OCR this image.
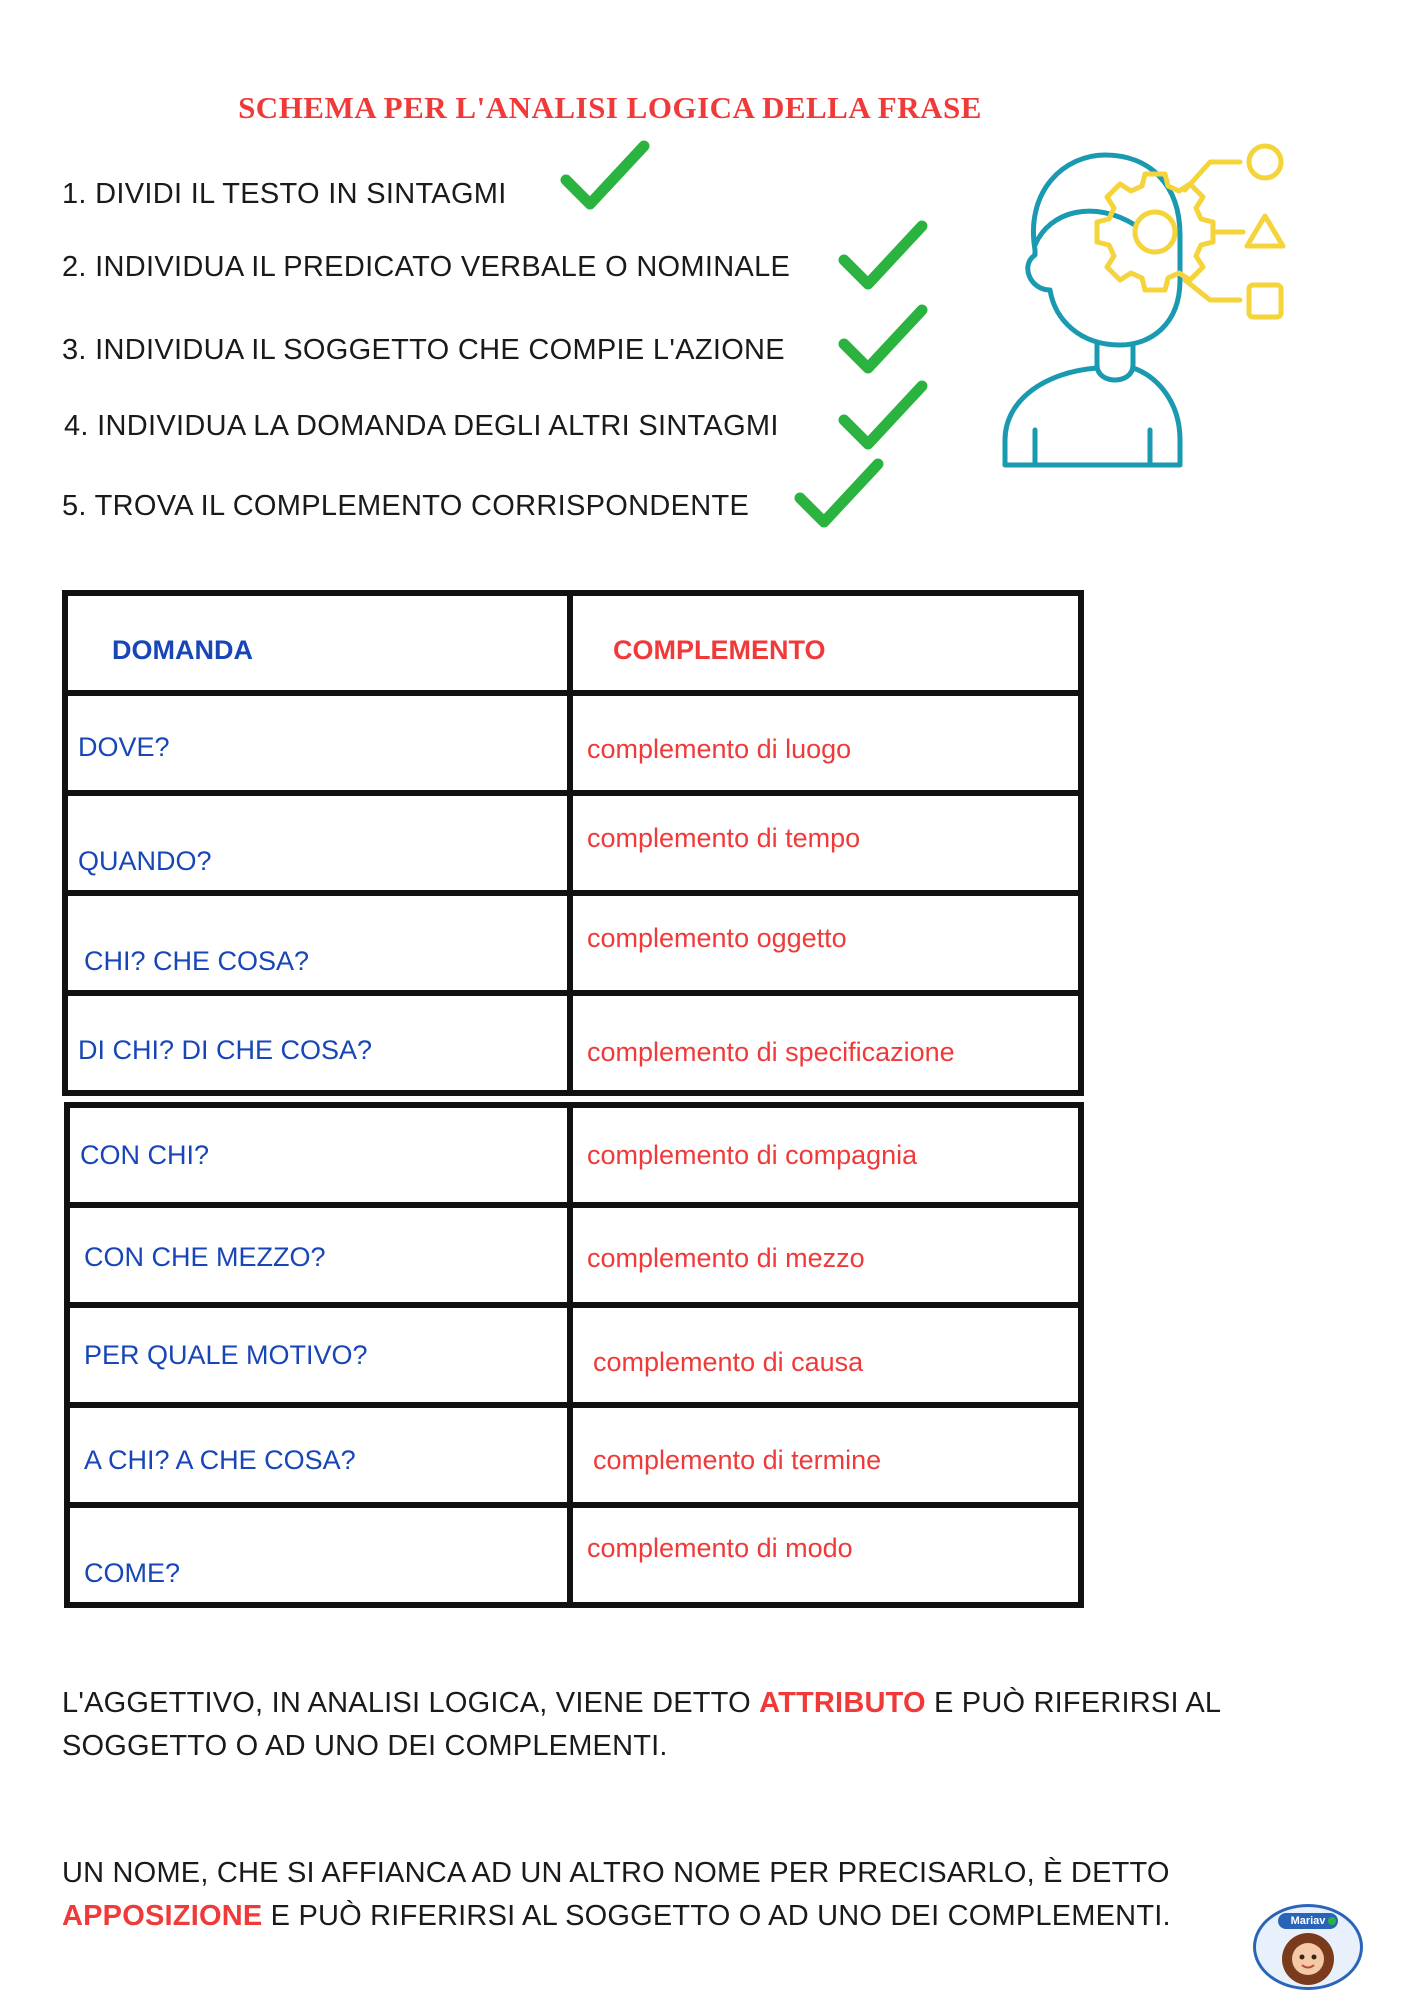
SCHEMA PER L'ANALISI LOGICA DELLA FRASE
1. DIVIDI IL TESTO IN SINTAGMI
2. INDIVIDUA IL PREDICATO VERBALE O NOMINALE
3. INDIVIDUA IL SOGGETTO CHE COMPIE L'AZIONE
4. INDIVIDUA LA DOMANDA DEGLI ALTRI SINTAGMI
5. TROVA IL COMPLEMENTO CORRISPONDENTE
DOMANDA	COMPLEMENTO
DOVE?	complemento di luogo
QUANDO?	complemento di tempo
CHI? CHE COSA?	complemento oggetto
DI CHI? DI CHE COSA?	complemento di specificazione
CON CHI?	complemento di compagnia
CON CHE MEZZO?	complemento di mezzo
PER QUALE MOTIVO?	complemento di causa
A CHI? A CHE COSA?	complemento di termine
COME?	complemento di modo
L'AGGETTIVO, IN ANALISI LOGICA, VIENE DETTO ATTRIBUTO E PUÒ RIFERIRSI AL SOGGETTO O AD UNO DEI COMPLEMENTI.
UN NOME, CHE SI AFFIANCA AD UN ALTRO NOME PER PRECISARLO, È DETTO APPOSIZIONE E PUÒ RIFERIRSI AL SOGGETTO O AD UNO DEI COMPLEMENTI.	Mariav
